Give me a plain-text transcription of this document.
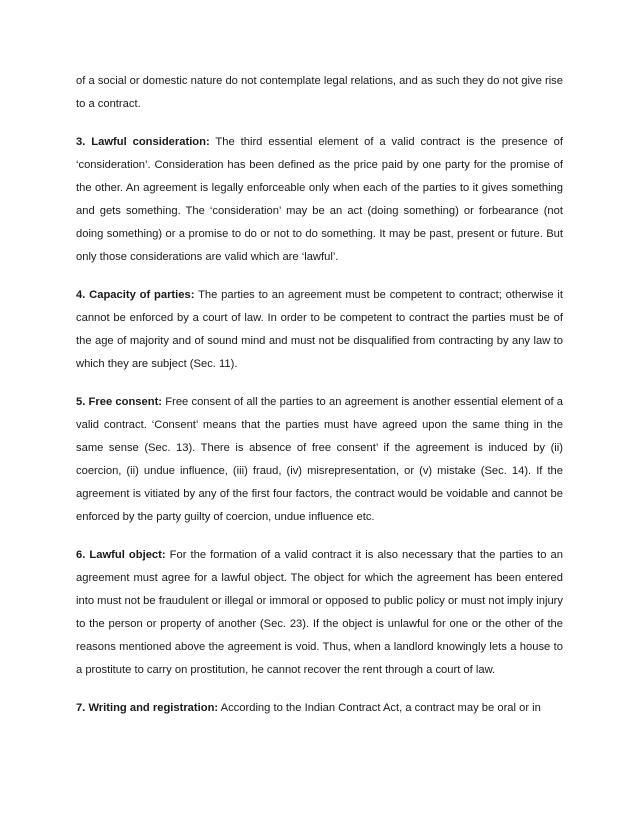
of a social or domestic nature do not contemplate legal relations, and as such they do not give rise to a contract.

3. Lawful consideration: The third essential element of a valid contract is the presence of ‘consideration’. Consideration has been defined as the price paid by one party for the promise of the other. An agreement is legally enforceable only when each of the parties to it gives something and gets something. The ‘consideration’ may be an act (doing something) or forbearance (not doing something) or a promise to do or not to do something. It may be past, present or future. But only those considerations are valid which are ‘lawful’.

4. Capacity of parties: The parties to an agreement must be competent to contract; otherwise it cannot be enforced by a court of law. In order to be competent to contract the parties must be of the age of majority and of sound mind and must not be disqualified from contracting by any law to which they are subject (Sec. 11).

5. Free consent: Free consent of all the parties to an agreement is another essential element of a valid contract. ‘Consent’ means that the parties must have agreed upon the same thing in the same sense (Sec. 13). There is absence of free consent’ if the agreement is induced by (ii) coercion, (ii) undue influence, (iii) fraud, (iv) misrepresentation, or (v) mistake (Sec. 14). If the agreement is vitiated by any of the first four factors, the contract would be voidable and cannot be enforced by the party guilty of coercion, undue influence etc.

6. Lawful object: For the formation of a valid contract it is also necessary that the parties to an agreement must agree for a lawful object. The object for which the agreement has been entered into must not be fraudulent or illegal or immoral or opposed to public policy or must not imply injury to the person or property of another (Sec. 23). If the object is unlawful for one or the other of the reasons mentioned above the agreement is void. Thus, when a landlord knowingly lets a house to a prostitute to carry on prostitution, he cannot recover the rent through a court of law.

7. Writing and registration: According to the Indian Contract Act, a contract may be oral or in
